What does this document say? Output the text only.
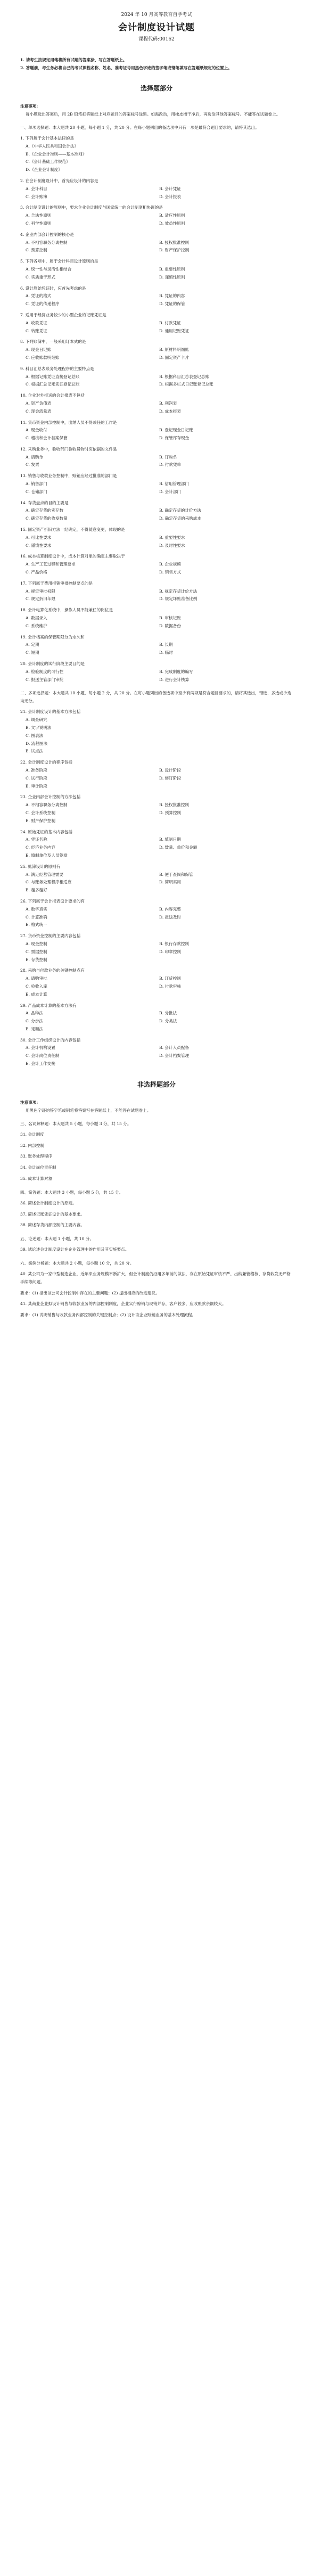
2024 年 10 月高等教育自学考试
会计制度设计试题
课程代码:00162

1. 请考生按规定用笔将所有试题的答案涂、写在答题纸上。

2. 答题前，考生务必将自己的考试课程名称、姓名、准考证号用黑色字迹的签字笔或钢笔填写在答题纸规定的位置上。

选择题部分

注意事项:

每小题选出答案后，用 2B 铅笔把答题纸上对应题目的答案标号涂黑。如需改动，用橡皮擦干净后，再选涂其他答案标号。不能答在试题卷上。

一、单项选择题：本大题共 20 小题，每小题 1 分，共 20 分。在每小题列出的备选项中只有一项是最符合题目要求的，请将其选出。
1. 下列属于会计基本法律的是
A.《中华人民共和国会计法》
B.《企业会计准则——基本准则》
C.《会计基础工作规范》
D.《企业会计制度》
2. 在会计制度设计中，首先应设计的内容是
A. 会计科目	B. 会计凭证
C. 会计账簿	D. 会计报表
3. 会计制度设计的原则中，要求企业会计制度与国家统一的会计制度相协调的是
A. 合法性原则	B. 适应性原则
C. 科学性原则	D. 效益性原则
4. 企业内部会计控制的核心是
A. 不相容职务分离控制	B. 授权批准控制
C. 预算控制	D. 财产保护控制
5. 下列各项中，属于会计科目设计原则的是
A. 统一性与灵活性相结合	B. 重要性原则
C. 实质重于形式	D. 谨慎性原则
6. 设计原始凭证时，应首先考虑的是
A. 凭证的格式	B. 凭证的内容
C. 凭证的传递程序	D. 凭证的保管
7. 适用于经济业务较少的小型企业的记账凭证是
A. 收款凭证	B. 付款凭证
C. 转账凭证	D. 通用记账凭证
8. 下列账簿中，一般采用订本式的是
A. 现金日记账	B. 原材料明细账
C. 应收账款明细账	D. 固定资产卡片
9. 科目汇总表账务处理程序的主要特点是
A. 根据记账凭证直接登记总账	B. 根据科目汇总表登记总账
C. 根据汇总记账凭证登记总账	D. 根据多栏式日记账登记总账
10. 企业对外报送的会计报表不包括
A. 资产负债表	B. 利润表
C. 现金流量表	D. 成本报表
11. 货币资金内部控制中，出纳人员不得兼任的工作是
A. 现金收付	B. 登记现金日记账
C. 稽核和会计档案保管	D. 保管库存现金
12. 采购业务中，验收部门验收货物时应依据的文件是
A. 请购单	B. 订购单
C. 发票	D. 付款凭单
13. 销售与收款业务控制中，赊销应经过批准的部门是
A. 销售部门	B. 信用管理部门
C. 仓储部门	D. 会计部门
14. 存货盘点的目的主要是
A. 确定存货的实存数	B. 确定存货的计价方法
C. 确定存货的收发数量	D. 确定存货的采购成本
15. 固定资产折旧方法一经确定，不得随意变更，体现的是
A. 可比性要求	B. 重要性要求
C. 谨慎性要求	D. 及时性要求
16. 成本核算制度设计中，成本计算对象的确定主要取决于
A. 生产工艺过程和管理要求	B. 企业规模
C. 产品价格	D. 销售方式
17. 下列属于费用报销审批控制要点的是
A. 规定审批权限	B. 规定存货计价方法
C. 规定折旧年限	D. 规定坏账准备比例
18. 会计电算化系统中，操作人员不能兼任的岗位是
A. 数据录入	B. 审核记账
C. 系统维护	D. 数据备份
19. 会计档案的保管期限分为永久和
A. 定期	B. 长期
C. 短期	D. 临时
20. 会计制度的试行阶段主要目的是
A. 检验制度的可行性	B. 完成制度的编写
C. 报送主管部门审批	D. 进行会计核算
二、多项选择题：本大题共 10 小题，每小题 2 分，共 20 分。在每小题列出的备选项中至少有两项是符合题目要求的，请将其选出，错选、多选或少选均无分。
21. 会计制度设计的基本方法包括
A. 调查研究
B. 文字说明法
C. 图表法
D. 流程图法
E. 试点法
22. 会计制度设计的程序包括
A. 准备阶段	B. 设计阶段
C. 试行阶段	D. 修订阶段
E. 审计阶段
23. 企业内部会计控制的方法包括
A. 不相容职务分离控制	B. 授权批准控制
C. 会计系统控制	D. 预算控制
E. 财产保护控制
24. 原始凭证的基本内容包括
A. 凭证名称	B. 填制日期
C. 经济业务内容	D. 数量、单价和金额
E. 填制单位及人员签章
25. 账簿设计的原则有
A. 满足经营管理需要	B. 便于查阅和保管
C. 与账务处理程序相适应	D. 简明实用
E. 越多越好
26. 下列属于会计报表设计要求的有
A. 数字真实	B. 内容完整
C. 计算准确	D. 报送及时
E. 格式统一
27. 货币资金控制的主要内容包括
A. 现金控制	B. 银行存款控制
C. 票据控制	D. 印章控制
E. 存货控制
28. 采购与付款业务的关键控制点有
A. 请购审批	B. 订货控制
C. 验收入库	D. 付款审核
E. 成本计算
29. 产品成本计算的基本方法有
A. 品种法	B. 分批法
C. 分步法	D. 分类法
E. 定额法
30. 会计工作组织设计的内容包括
A. 会计机构设置	B. 会计人员配备
C. 会计岗位责任制	D. 会计档案管理
E. 会计工作交接
非选择题部分

注意事项:

用黑色字迹的签字笔或钢笔将答案写在答题纸上，不能答在试题卷上。

三、名词解释题：本大题共 5 小题，每小题 3 分，共 15 分。
31. 会计制度
32. 内部控制
33. 账务处理程序
34. 会计岗位责任制
35. 成本计算对象
四、简答题：本大题共 3 小题，每小题 5 分，共 15 分。
36. 简述会计制度设计的原则。
37. 简述记账凭证设计的基本要求。
38. 简述存货内部控制的主要内容。
五、论述题：本大题 1 小题，共 10 分。
39. 试论述会计制度设计在企业管理中的作用及其实施要点。
六、案例分析题：本大题共 2 小题，每小题 10 分，共 20 分。
40. 某公司为一家中型制造企业，近年来业务规模不断扩大，但会计制度仍沿用多年前的做法，存在原始凭证审核不严、出纳兼管稽核、存货收发无严格手续等问题。
要求：(1) 指出该公司会计控制中存在的主要问题；(2) 提出相应的改进建议。
41. 某商业企业拟设计销售与收款业务的内部控制制度，企业实行赊销与现销并存，客户较多，应收账款余额较大。
要求：(1) 说明销售与收款业务内部控制的关键控制点；(2) 设计该企业赊销业务的基本处理流程。
